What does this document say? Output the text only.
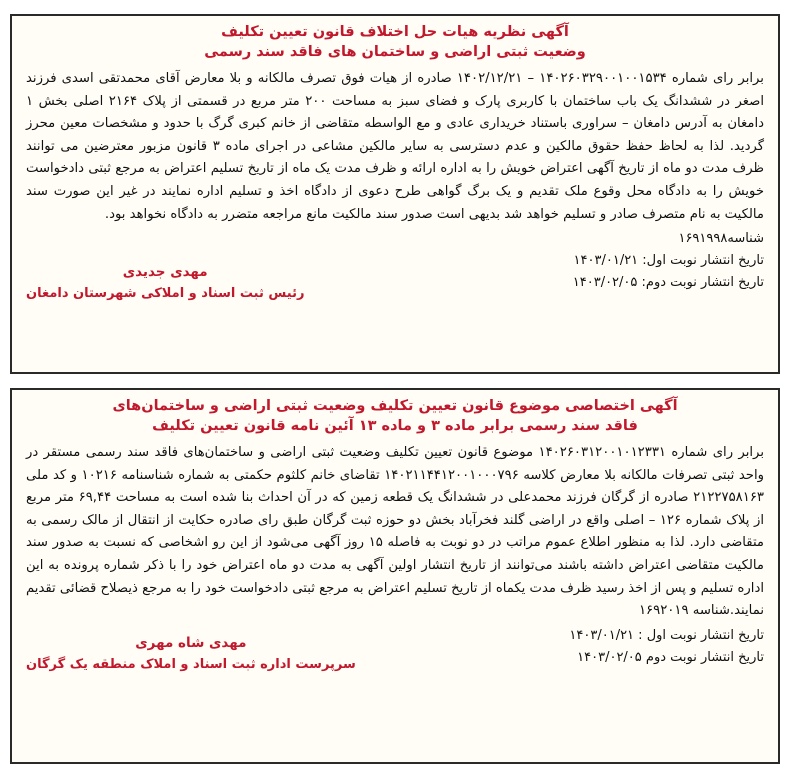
آگهی نظریه هیات حل اختلاف قانون تعیین تکلیف

وضعیت ثبتی اراضی و ساختمان های فاقد سند رسمی

برابر رای شماره ۱۴۰۲۶۰۳۲۹۰۰۱۰۰۱۵۳۴ – ۱۴۰۲/۱۲/۲۱ صادره از هیات فوق تصرف مالکانه و بلا معارض آقای محمدتقی اسدی فرزند اصغر در ششدانگ یک باب ساختمان با کاربری پارک و فضای سبز به مساحت ۲۰۰ متر مربع در قسمتی از پلاک ۲۱۶۴ اصلی بخش ۱ دامغان به آدرس دامغان – سراوری باستناد خریداری عادی و مع الواسطه متقاضی از خانم کبری گرگ با حدود و مشخصات معین محرز گردید. لذا به لحاظ حفظ حقوق مالکین و عدم دسترسی به سایر مالکین مشاعی در اجرای ماده ۳ قانون مزبور معترضین می توانند ظرف مدت دو ماه از تاریخ آگهی اعتراض خویش را به اداره ارائه و ظرف مدت یک ماه از تاریخ تسلیم اعتراض به مرجع ثبتی دادخواست خویش را به دادگاه محل وقوع ملک تقدیم و یک برگ گواهی طرح دعوی از دادگاه اخذ و تسلیم اداره نمایند در غیر این صورت سند مالکیت به نام متصرف صادر و تسلیم خواهد شد بدیهی است صدور سند مالکیت مانع مراجعه متضرر به دادگاه نخواهد بود.
شناسه۱۶۹۱۹۹۸
تاریخ انتشار نوبت اول: ۱۴۰۳/۰۱/۲۱
تاریخ انتشار نوبت دوم: ۱۴۰۳/۰۲/۰۵
مهدی جدیدی
رئیس ثبت اسناد و املاکی شهرستان دامغان

آگهی اختصاصی موضوع قانون تعیین تکلیف وضعیت ثبتی اراضی و ساختمان‌های

فاقد سند رسمی برابر ماده ۳ و ماده ۱۳ آئین نامه قانون تعیین تکلیف

برابر رای شماره ۱۴۰۲۶۰۳۱۲۰۰۱۰۱۲۳۳۱ موضوع قانون تعیین تکلیف وضعیت ثبتی اراضی و ساختمان‌های فاقد سند رسمی مستقر در واحد ثبتی تصرفات مالکانه بلا معارض کلاسه ۱۴۰۲۱۱۴۴۱۲۰۰۱۰۰۰۷۹۶ تقاضای خانم کلثوم حکمتی به شماره شناسنامه ۱۰۲۱۶ و کد ملی ۲۱۲۲۷۵۸۱۶۳ صادره از گرگان فرزند محمدعلی در ششدانگ یک قطعه زمین که در آن احداث بنا شده است به مساحت ۶۹,۴۴ متر مربع از پلاک شماره ۱۲۶ – اصلی واقع در اراضی گلند فخرآباد بخش دو حوزه ثبت گرگان طبق رای صادره حکایت از انتقال از مالک رسمی به متقاضی دارد. لذا به منظور اطلاع عموم مراتب در دو نوبت به فاصله ۱۵ روز آگهی می‌شود از این رو اشخاصی که نسبت به صدور سند مالکیت متقاضی اعتراض داشته باشند می‌توانند از تاریخ انتشار اولین آگهی به مدت دو ماه اعتراض خود را با ذکر شماره پرونده به این اداره تسلیم و پس از اخذ رسید ظرف مدت یکماه از تاریخ تسلیم اعتراض به مرجع ثبتی دادخواست خود را به مرجع ذیصلاح قضائی تقدیم نمایند.شناسه ۱۶۹۲۰۱۹
تاریخ انتشار نوبت اول : ۱۴۰۳/۰۱/۲۱
تاریخ انتشار نوبت دوم ۱۴۰۳/۰۲/۰۵
مهدی شاه مهری
سرپرست اداره ثبت اسناد و املاک منطقه یک گرگان
